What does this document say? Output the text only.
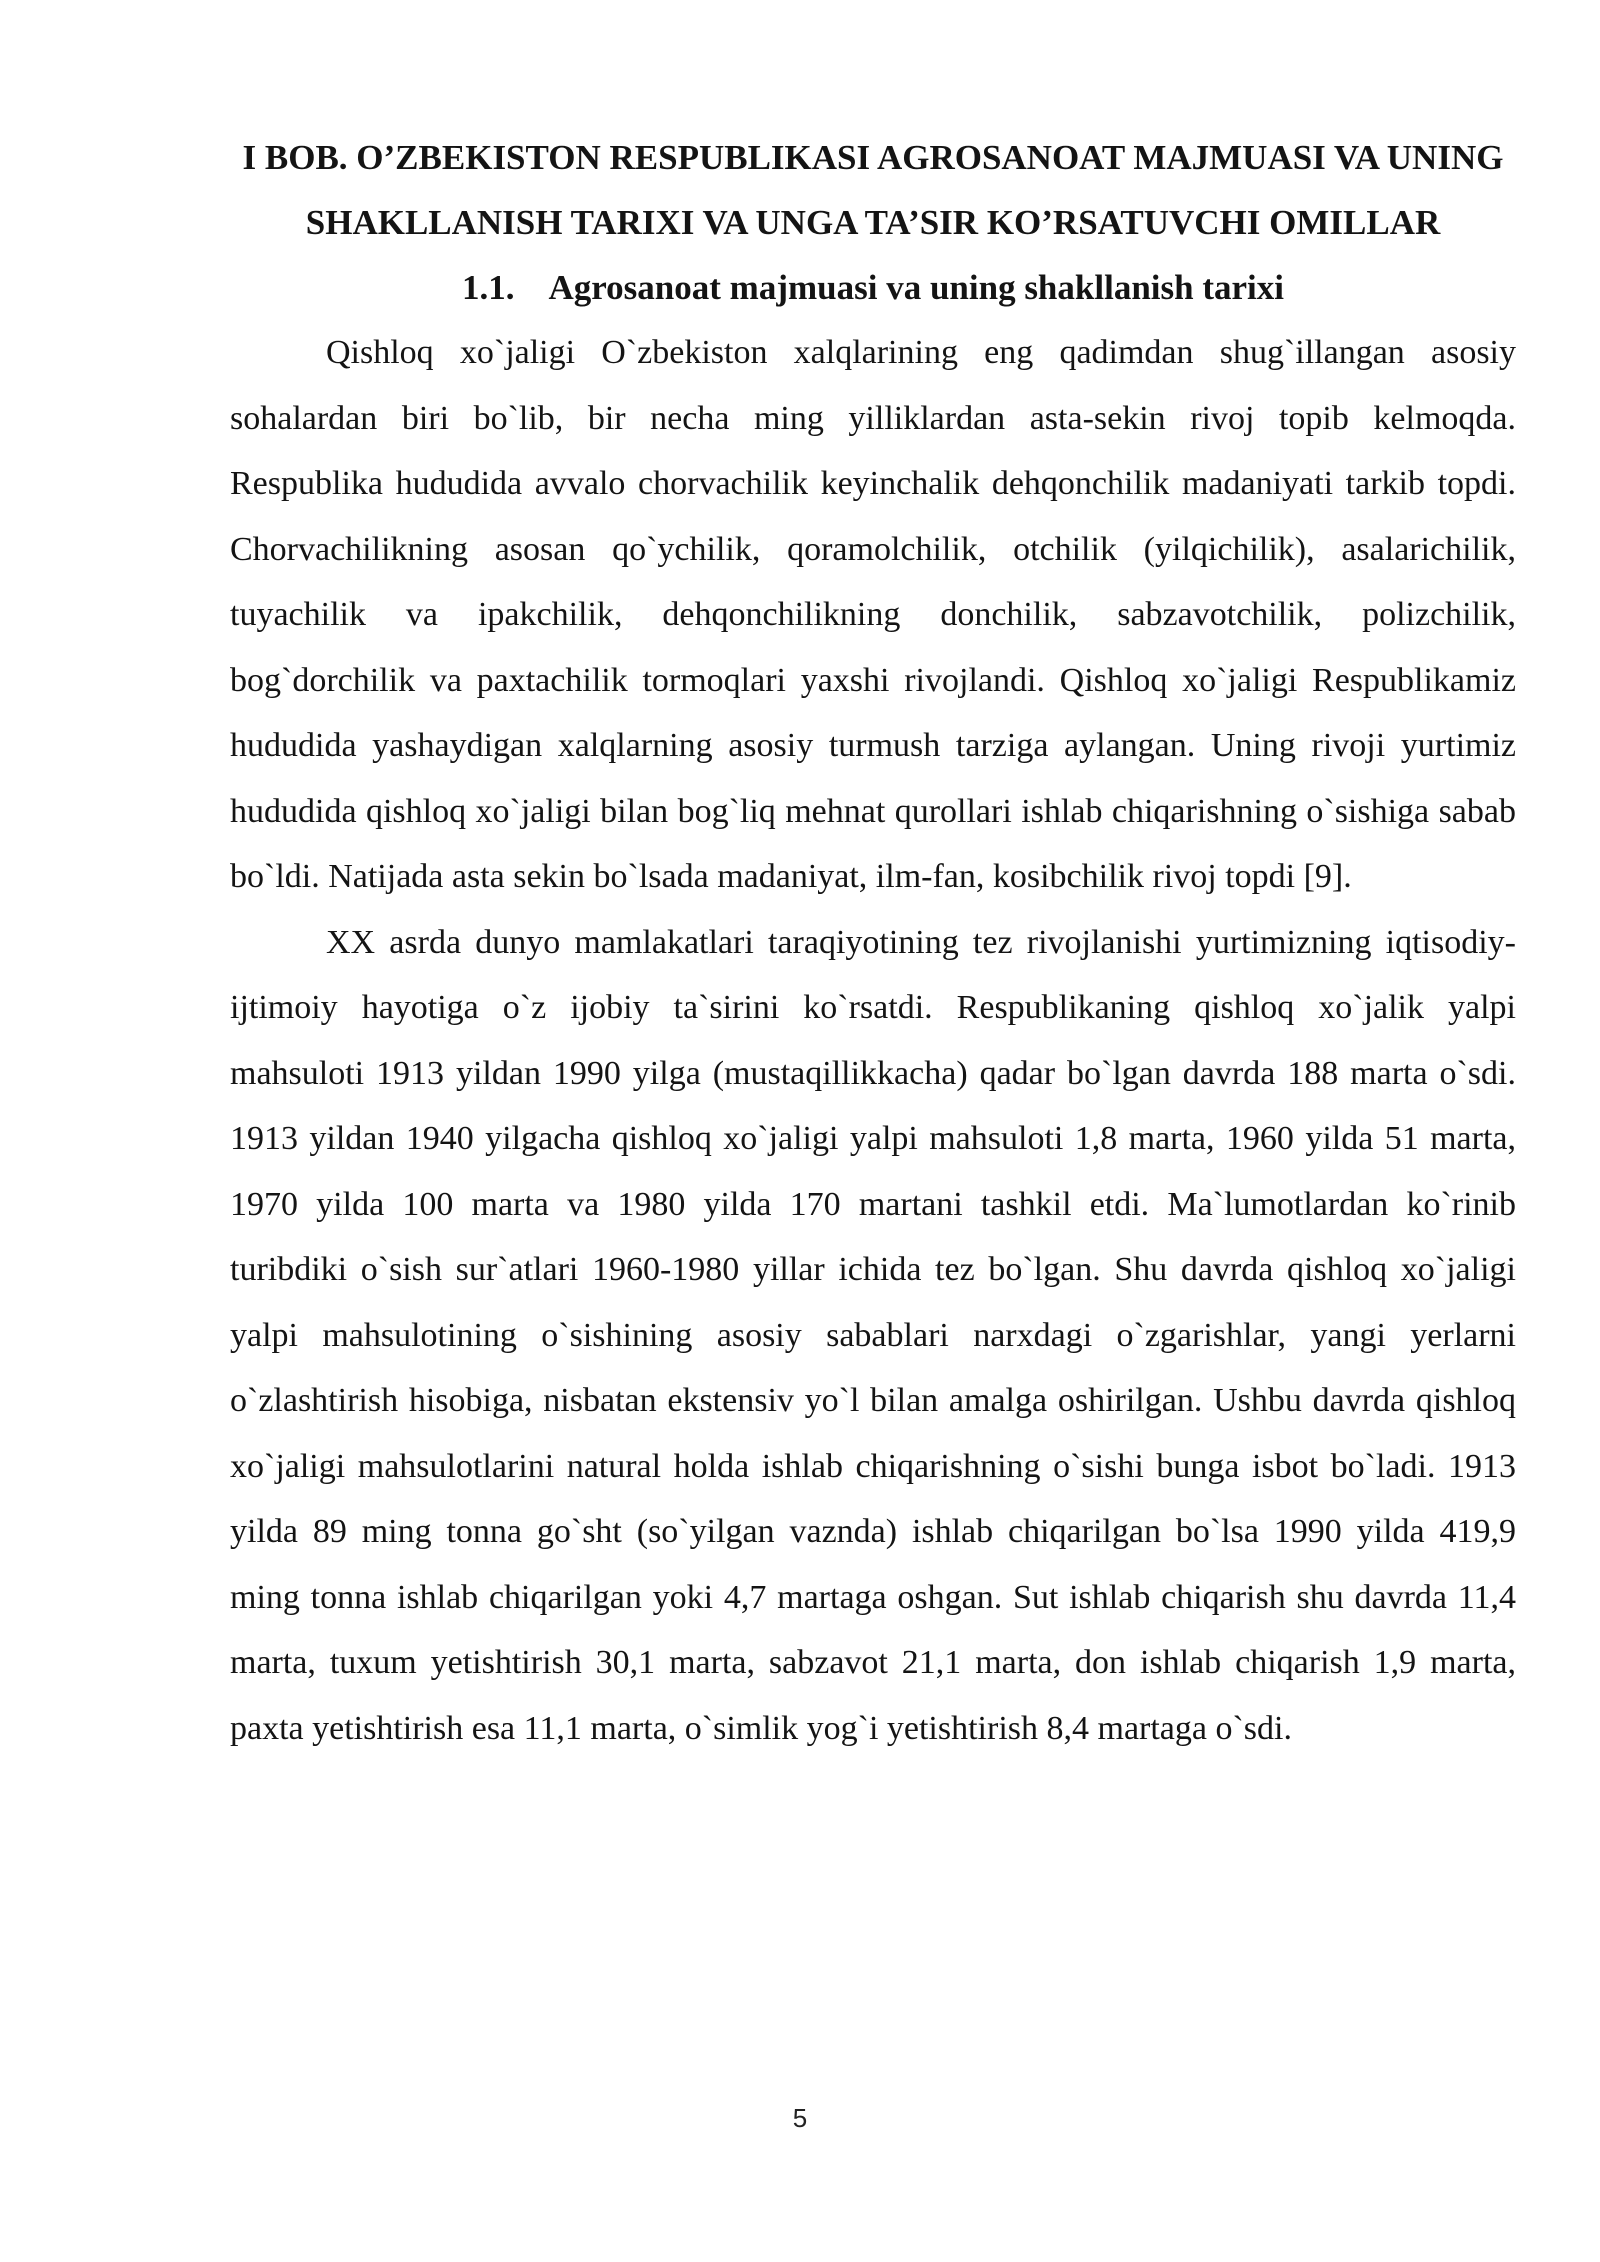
I BOB. O’ZBEKISTON RESPUBLIKASI AGROSANOAT MAJMUASI VA UNING SHAKLLANISH TARIXI VA UNGA TA’SIR KO’RSATUVCHI OMILLAR
1.1. Agrosanoat majmuasi va uning shakllanish tarixi

Qishloq xo`jaligi O`zbekiston xalqlarining eng qadimdan shug`illangan asosiy sohalardan biri bo`lib, bir necha ming yilliklardan asta-sekin rivoj topib kelmoqda. Respublika hududida avvalo chorvachilik keyinchalik dehqonchilik madaniyati tarkib topdi. Chorvachilikning asosan qo`ychilik, qoramolchilik, otchilik (yilqichilik), asalarichilik, tuyachilik va ipakchilik, dehqonchilikning donchilik, sabzavotchilik, polizchilik, bog`dorchilik va paxtachilik tormoqlari yaxshi rivojlandi. Qishloq xo`jaligi Respublikamiz hududida yashaydigan xalqlarning asosiy turmush tarziga aylangan. Uning rivoji yurtimiz hududida qishloq xo`jaligi bilan bog`liq mehnat qurollari ishlab chiqarishning o`sishiga sabab bo`ldi. Natijada asta sekin bo`lsada madaniyat, ilm-fan, kosibchilik rivoj topdi [9].

XX asrda dunyo mamlakatlari taraqiyotining tez rivojlanishi yurtimizning iqtisodiy-ijtimoiy hayotiga o`z ijobiy ta`sirini ko`rsatdi. Respublikaning qishloq xo`jalik yalpi mahsuloti 1913 yildan 1990 yilga (mustaqillikkacha) qadar bo`lgan davrda 188 marta o`sdi. 1913 yildan 1940 yilgacha qishloq xo`jaligi yalpi mahsuloti 1,8 marta, 1960 yilda 51 marta, 1970 yilda 100 marta va 1980 yilda 170 martani tashkil etdi. Ma`lumotlardan ko`rinib turibdiki o`sish sur`atlari 1960-1980 yillar ichida tez bo`lgan. Shu davrda qishloq xo`jaligi yalpi mahsulotining o`sishining asosiy sabablari narxdagi o`zgarishlar, yangi yerlarni o`zlashtirish hisobiga, nisbatan ekstensiv yo`l bilan amalga oshirilgan. Ushbu davrda qishloq xo`jaligi mahsulotlarini natural holda ishlab chiqarishning o`sishi bunga isbot bo`ladi. 1913 yilda 89 ming tonna go`sht (so`yilgan vaznda) ishlab chiqarilgan bo`lsa 1990 yilda 419,9 ming tonna ishlab chiqarilgan yoki 4,7 martaga oshgan. Sut ishlab chiqarish shu davrda 11,4 marta, tuxum yetishtirish 30,1 marta, sabzavot 21,1 marta, don ishlab chiqarish 1,9 marta, paxta yetishtirish esa 11,1 marta, o`simlik yog`i yetishtirish 8,4 martaga o`sdi.

5
